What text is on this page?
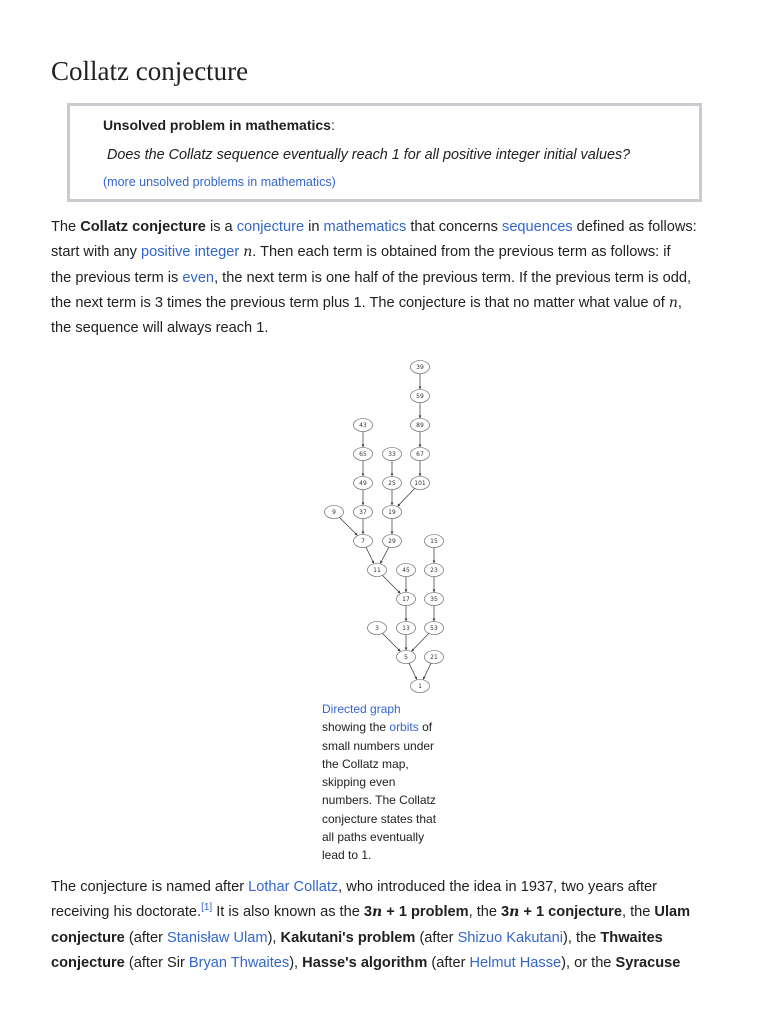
Collatz conjecture
Unsolved problem in mathematics:
Does the Collatz sequence eventually reach 1 for all positive integer initial values?
(more unsolved problems in mathematics)

The Collatz conjecture is a conjecture in mathematics that concerns sequences defined as follows:
start with any positive integer n. Then each term is obtained from the previous term as follows: if
the previous term is even, the next term is one half of the previous term. If the previous term is odd,
the next term is 3 times the previous term plus 1. The conjecture is that no matter what value of n,
the sequence will always reach 1.

39
59
89
43
65	33	67
49	25	101
9	37	19
7	29	15
11	45	23
17	35
3	13	53
5	21
1
Directed graph
showing the orbits of
small numbers under
the Collatz map,
skipping even
numbers. The Collatz
conjecture states that
all paths eventually
lead to 1.

The conjecture is named after Lothar Collatz, who introduced the idea in 1937, two years after
receiving his doctorate.[1] It is also known as the 3n + 1 problem, the 3n + 1 conjecture, the Ulam
conjecture (after Stanisław Ulam), Kakutani's problem (after Shizuo Kakutani), the Thwaites
conjecture (after Sir Bryan Thwaites), Hasse's algorithm (after Helmut Hasse), or the Syracuse
